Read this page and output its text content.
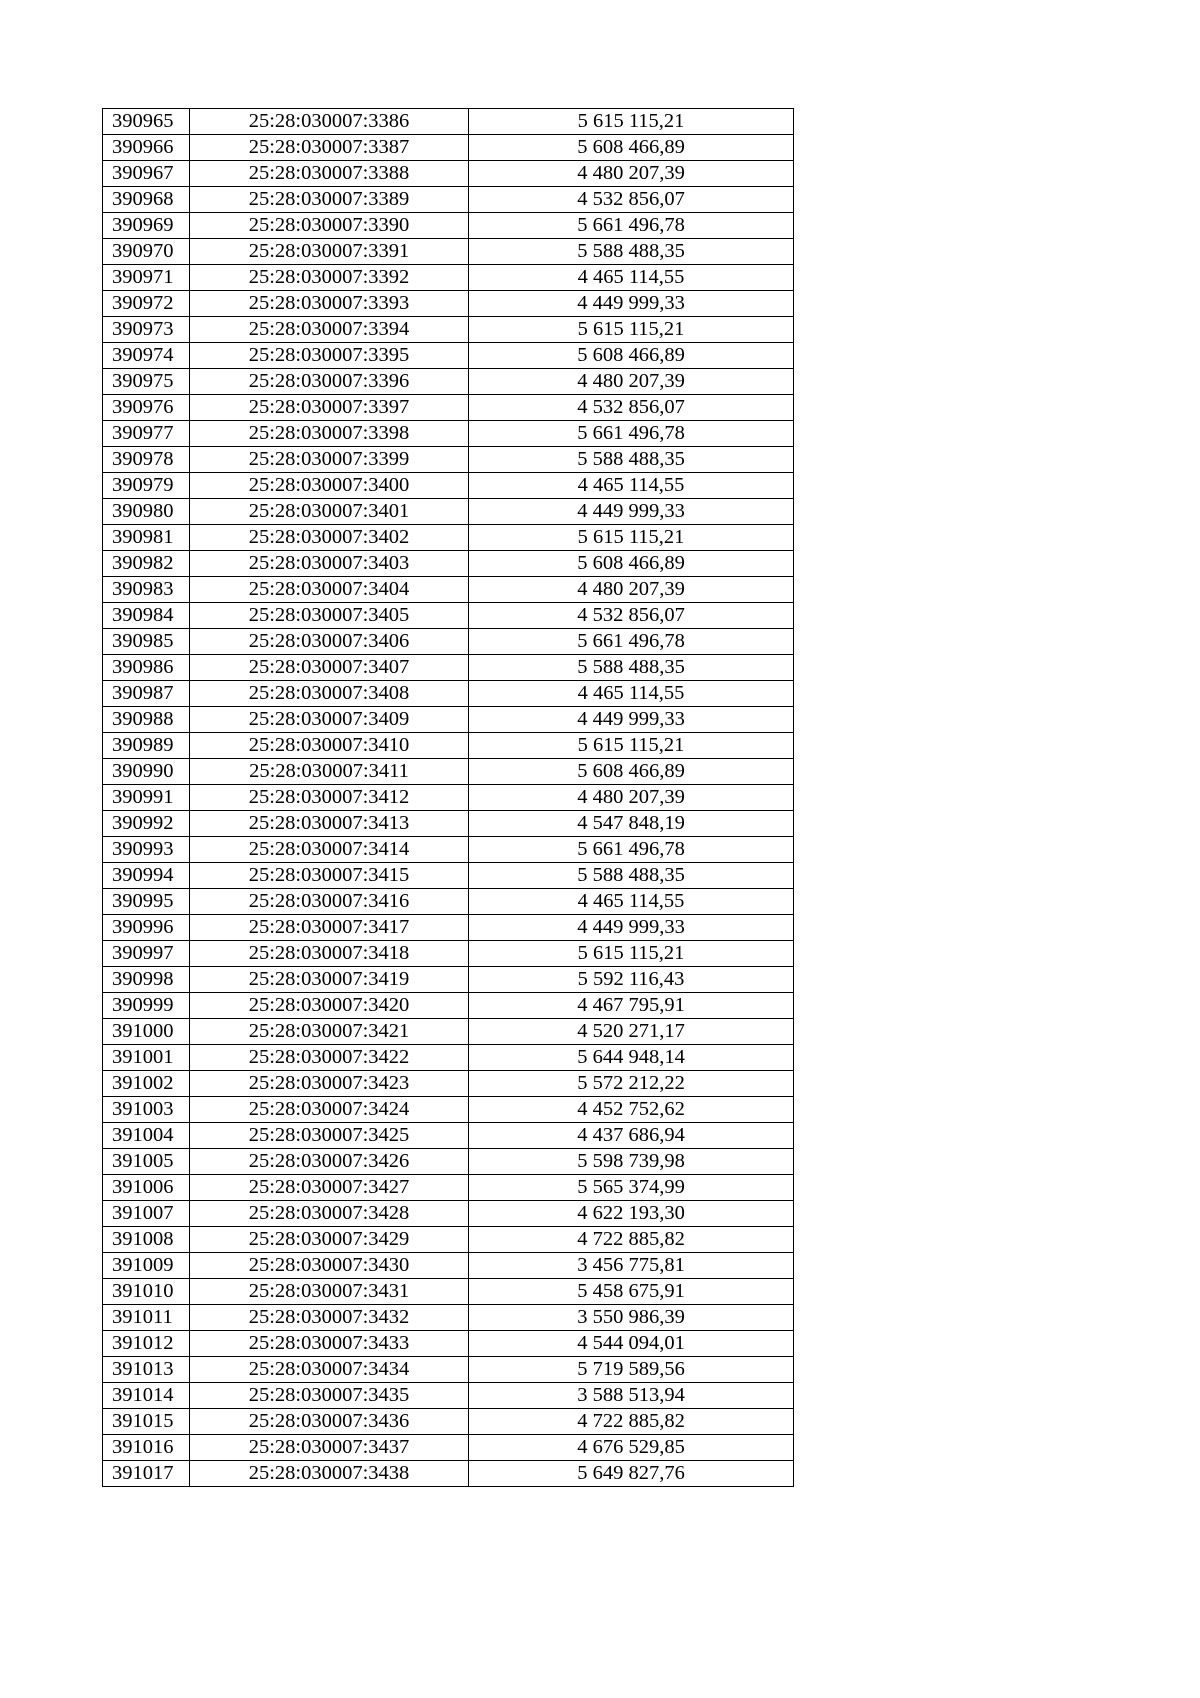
390965	25:28:030007:3386	5 615 115,21
390966	25:28:030007:3387	5 608 466,89
390967	25:28:030007:3388	4 480 207,39
390968	25:28:030007:3389	4 532 856,07
390969	25:28:030007:3390	5 661 496,78
390970	25:28:030007:3391	5 588 488,35
390971	25:28:030007:3392	4 465 114,55
390972	25:28:030007:3393	4 449 999,33
390973	25:28:030007:3394	5 615 115,21
390974	25:28:030007:3395	5 608 466,89
390975	25:28:030007:3396	4 480 207,39
390976	25:28:030007:3397	4 532 856,07
390977	25:28:030007:3398	5 661 496,78
390978	25:28:030007:3399	5 588 488,35
390979	25:28:030007:3400	4 465 114,55
390980	25:28:030007:3401	4 449 999,33
390981	25:28:030007:3402	5 615 115,21
390982	25:28:030007:3403	5 608 466,89
390983	25:28:030007:3404	4 480 207,39
390984	25:28:030007:3405	4 532 856,07
390985	25:28:030007:3406	5 661 496,78
390986	25:28:030007:3407	5 588 488,35
390987	25:28:030007:3408	4 465 114,55
390988	25:28:030007:3409	4 449 999,33
390989	25:28:030007:3410	5 615 115,21
390990	25:28:030007:3411	5 608 466,89
390991	25:28:030007:3412	4 480 207,39
390992	25:28:030007:3413	4 547 848,19
390993	25:28:030007:3414	5 661 496,78
390994	25:28:030007:3415	5 588 488,35
390995	25:28:030007:3416	4 465 114,55
390996	25:28:030007:3417	4 449 999,33
390997	25:28:030007:3418	5 615 115,21
390998	25:28:030007:3419	5 592 116,43
390999	25:28:030007:3420	4 467 795,91
391000	25:28:030007:3421	4 520 271,17
391001	25:28:030007:3422	5 644 948,14
391002	25:28:030007:3423	5 572 212,22
391003	25:28:030007:3424	4 452 752,62
391004	25:28:030007:3425	4 437 686,94
391005	25:28:030007:3426	5 598 739,98
391006	25:28:030007:3427	5 565 374,99
391007	25:28:030007:3428	4 622 193,30
391008	25:28:030007:3429	4 722 885,82
391009	25:28:030007:3430	3 456 775,81
391010	25:28:030007:3431	5 458 675,91
391011	25:28:030007:3432	3 550 986,39
391012	25:28:030007:3433	4 544 094,01
391013	25:28:030007:3434	5 719 589,56
391014	25:28:030007:3435	3 588 513,94
391015	25:28:030007:3436	4 722 885,82
391016	25:28:030007:3437	4 676 529,85
391017	25:28:030007:3438	5 649 827,76
